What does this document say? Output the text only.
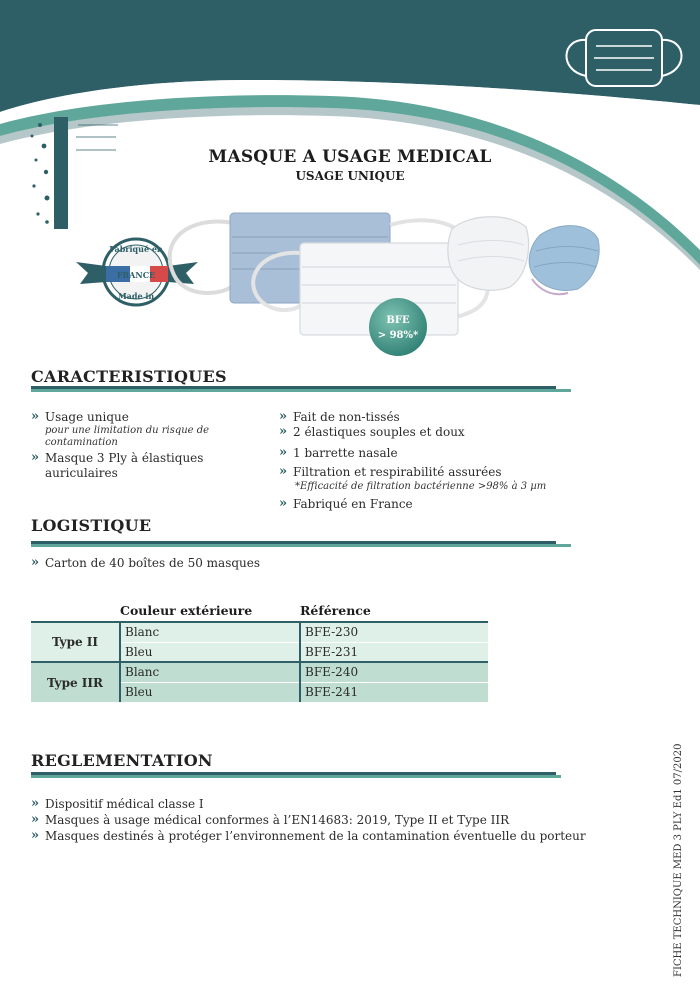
MASQUE A USAGE MEDICAL
USAGE UNIQUE
Fabriqué en
FRANCE
Made in
BFE
> 98%*
CARACTERISTIQUES
» Usage unique
pour une limitation du risque de contamination
» Masque 3 Ply à élastiques auriculaires
» Fait de non-tissés
» 2 élastiques souples et doux
» 1 barrette nasale
» Filtration et respirabilité assurées
*Efficacité de filtration bactérienne >98% à 3 µm
» Fabriqué en France
LOGISTIQUE
» Carton de 40 boîtes de 50 masques
	Couleur extérieure	Référence
Type II	Blanc	BFE-230
	Bleu	BFE-231
Type IIR	Blanc	BFE-240
	Bleu	BFE-241
REGLEMENTATION
» Dispositif médical classe I
» Masques à usage médical conformes à l’EN14683: 2019, Type II et Type IIR
» Masques destinés à protéger l’environnement de la contamination éventuelle du porteur	FICHE TECHNIQUE MED 3 PLY Ed1 07/2020
